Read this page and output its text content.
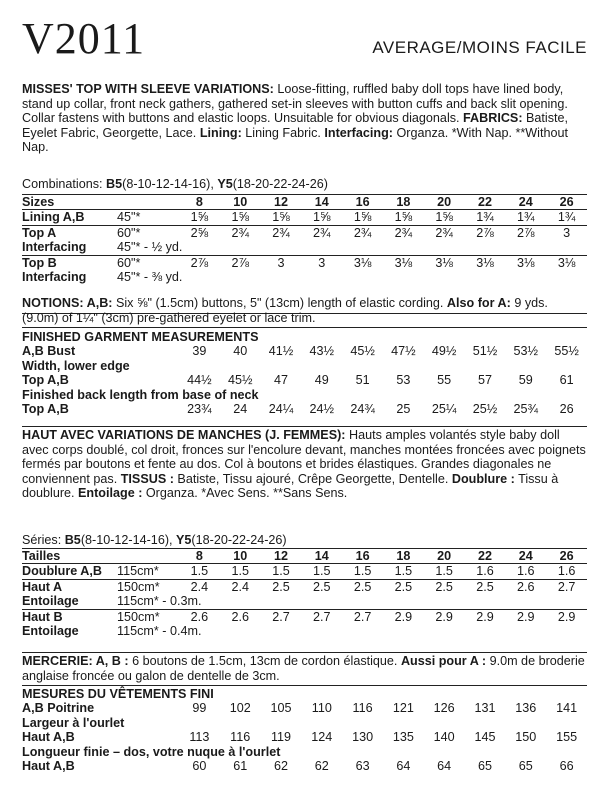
V2011	AVERAGE/MOINS FACILE
MISSES' TOP WITH SLEEVE VARIATIONS: Loose-fitting, ruffled baby doll tops have lined body, stand up collar, front neck gathers, gathered set-in sleeves with button cuffs and back slit opening. Collar fastens with buttons and elastic loops. Unsuitable for obvious diagonals. FABRICS: Batiste, Eyelet Fabric, Georgette, Lace. Lining: Lining Fabric. Interfacing: Organza. *With Nap. **Without Nap.
Combinations: B5(8-10-12-14-16), Y5(18-20-22-24-26)
Sizes		8	10	12	14	16	18	20	22	24	26
Lining A,B	45"*	1⅝	1⅝	1⅝	1⅝	1⅝	1⅝	1⅝	1¾	1¾	1¾
Top A	60"*	2⅝	2¾	2¾	2¾	2¾	2¾	2¾	2⅞	2⅞	3
Interfacing	45"* - ½ yd.										
Top B	60"*	2⅞	2⅞	3	3	3⅛	3⅛	3⅛	3⅛	3⅛	3⅛
Interfacing	45"* - ⅜ yd.										
NOTIONS: A,B: Six ⅝" (1.5cm) buttons, 5" (13cm) length of elastic cording. Also for A: 9 yds. (9.0m) of 1¼" (3cm) pre-gathered eyelet or lace trim.
FINISHED GARMENT MEASUREMENTS										
A,B Bust	39	40	41½	43½	45½	47½	49½	51½	53½	55½
Width, lower edge										
Top A,B	44½	45½	47	49	51	53	55	57	59	61
Finished back length from base of neck										
Top A,B	23¾	24	24¼	24½	24¾	25	25¼	25½	25¾	26
HAUT AVEC VARIATIONS DE MANCHES (J. FEMMES): Hauts amples volantés style baby doll avec corps doublé, col droit, fronces sur l'encolure devant, manches montées froncées avec poignets fermés par boutons et fente au dos. Col à boutons et brides élastiques. Grandes diagonales ne conviennent pas. TISSUS : Batiste, Tissu ajouré, Crêpe Georgette, Dentelle. Doublure : Tissu à doublure. Entoilage : Organza. *Avec Sens. **Sans Sens.
Séries: B5(8-10-12-14-16), Y5(18-20-22-24-26)
Tailles		8	10	12	14	16	18	20	22	24	26
Doublure A,B	115cm*	1.5	1.5	1.5	1.5	1.5	1.5	1.5	1.6	1.6	1.6
Haut A	150cm*	2.4	2.4	2.5	2.5	2.5	2.5	2.5	2.5	2.6	2.7
Entoilage	115cm* - 0.3m.										
Haut B	150cm*	2.6	2.6	2.7	2.7	2.7	2.9	2.9	2.9	2.9	2.9
Entoilage	115cm* - 0.4m.										
MERCERIE: A, B : 6 boutons de 1.5cm, 13cm de cordon élastique. Aussi pour A : 9.0m de broderie anglaise froncée ou galon de dentelle de 3cm.
MESURES DU VÊTEMENTS FINI										
A,B Poitrine	99	102	105	110	116	121	126	131	136	141
Largeur à l'ourlet										
Haut A,B	113	116	119	124	130	135	140	145	150	155
Longueur finie – dos, votre nuque à l'ourlet										
Haut A,B	60	61	62	62	63	64	64	65	65	66
